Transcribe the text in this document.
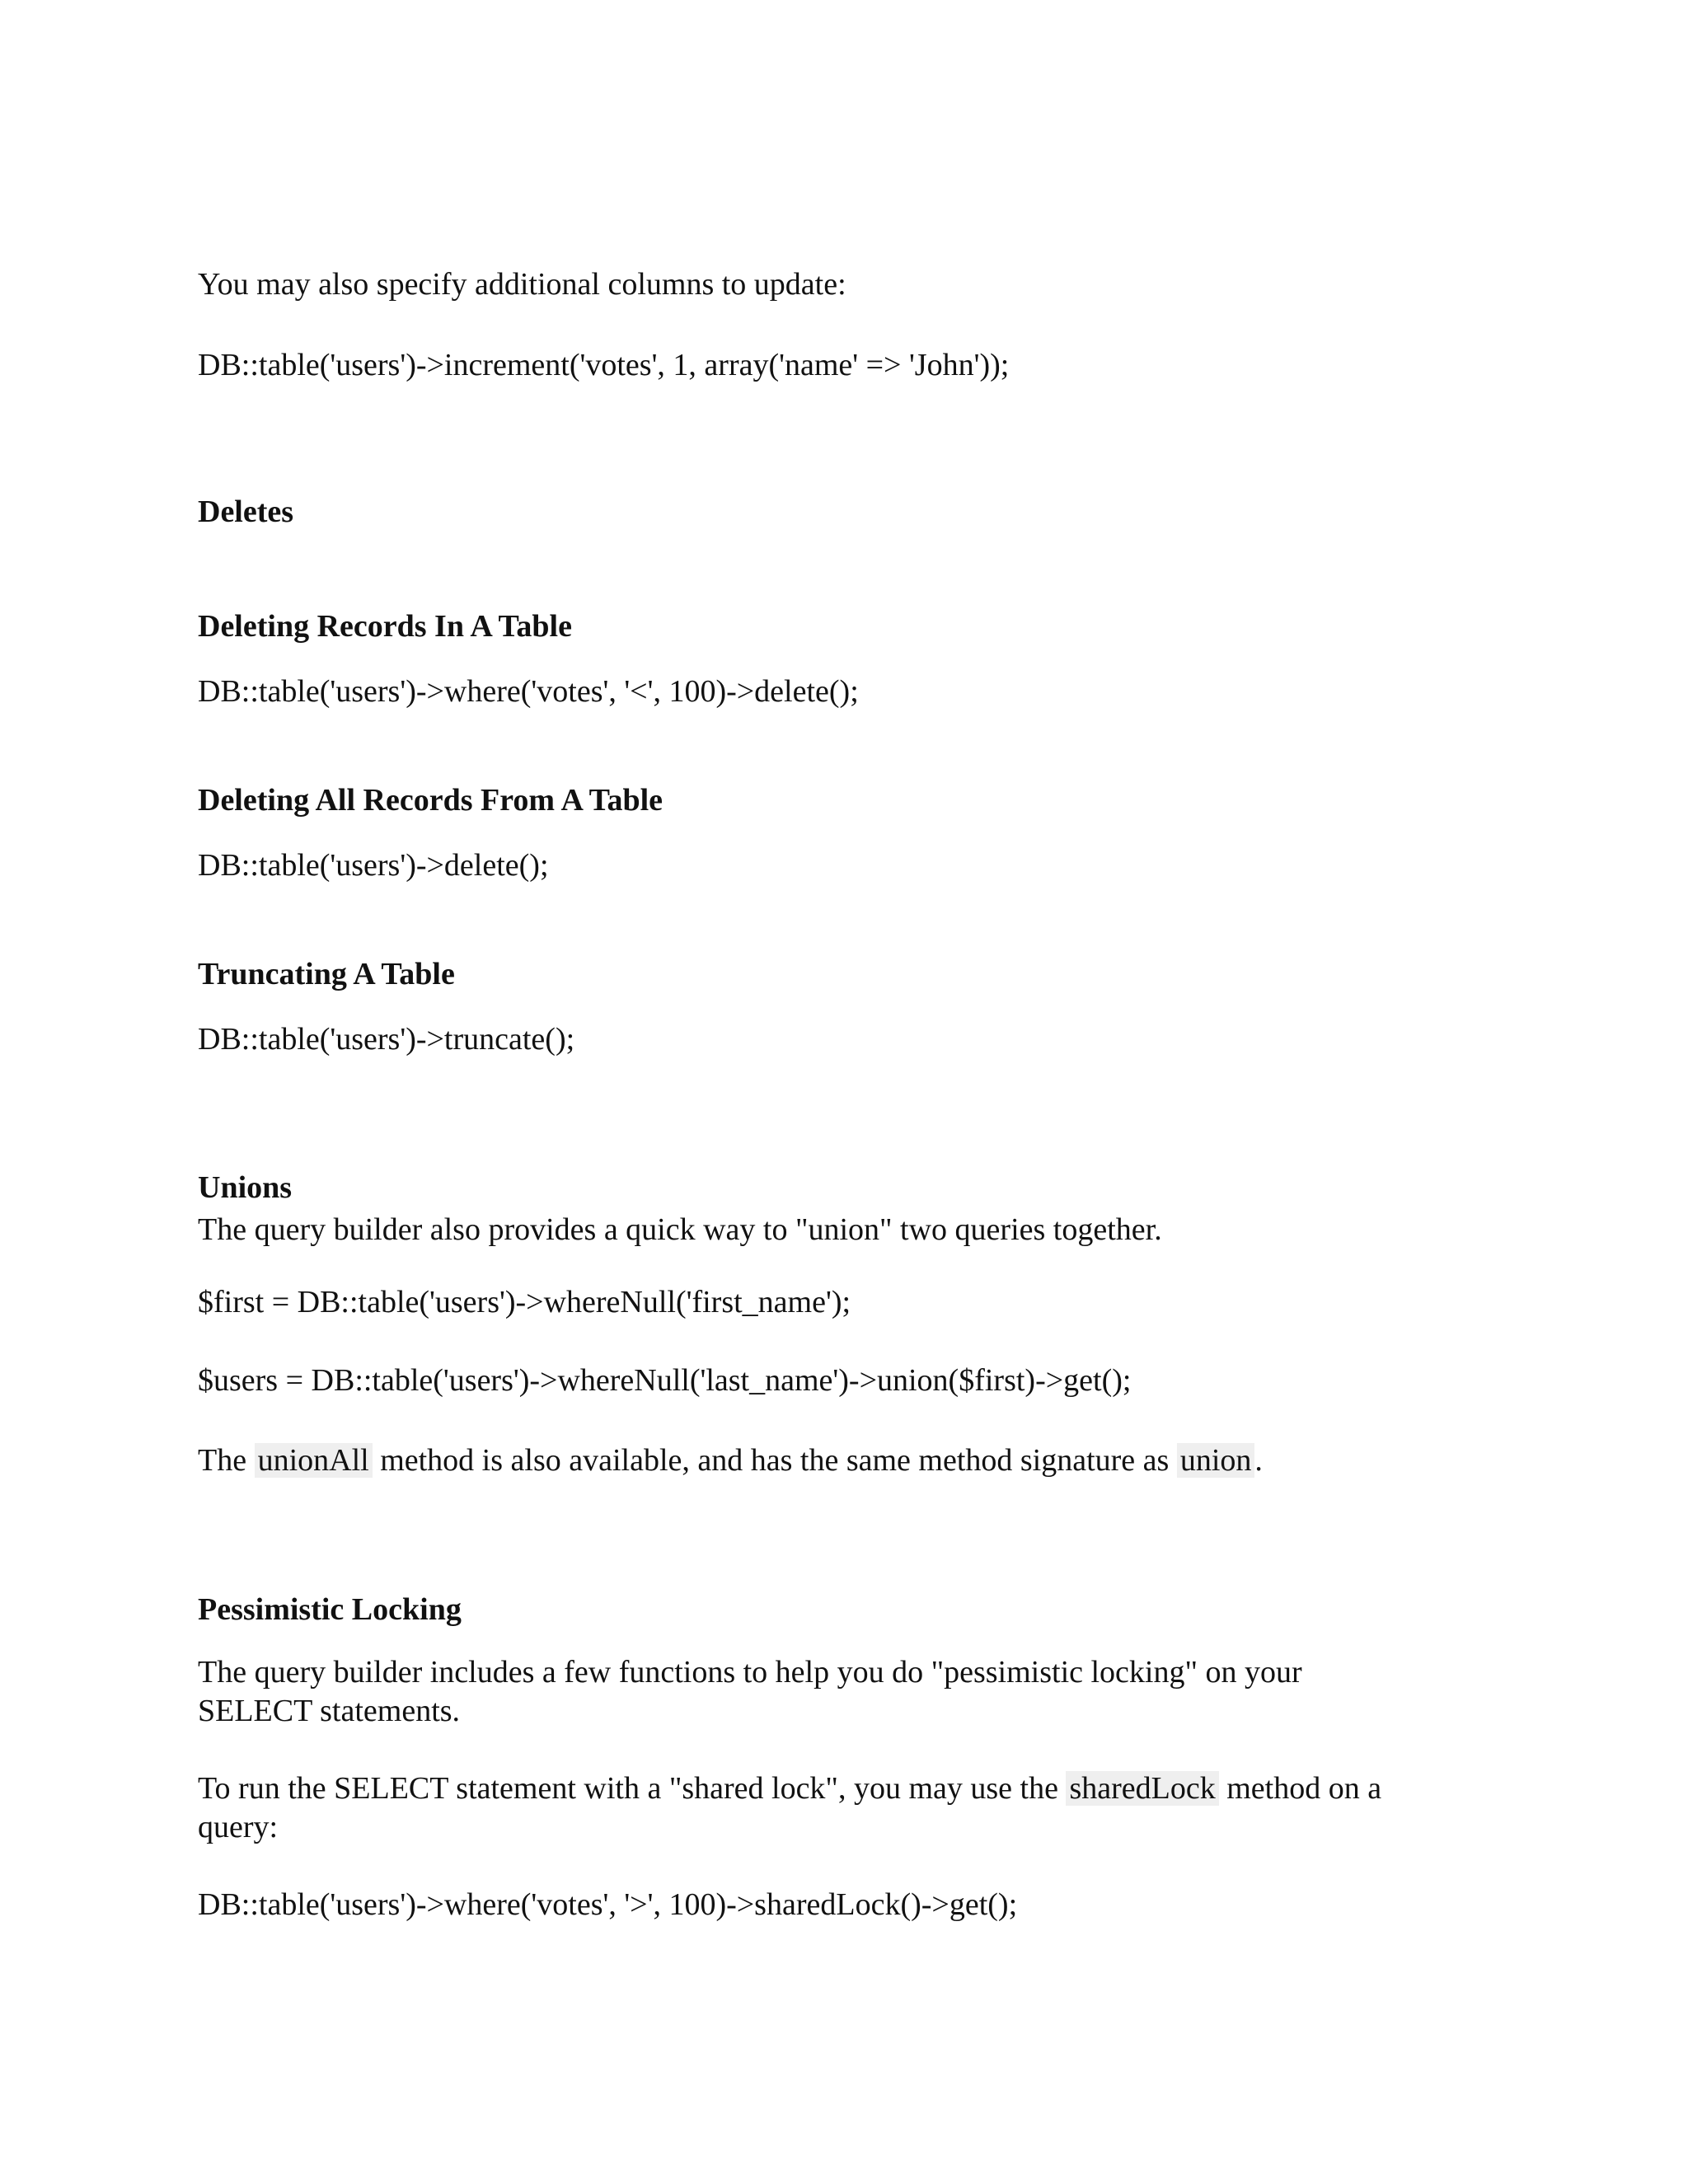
You may also specify additional columns to update:
DB::table('users')->increment('votes', 1, array('name' => 'John'));
Deletes
Deleting Records In A Table
DB::table('users')->where('votes', '<', 100)->delete();
Deleting All Records From A Table
DB::table('users')->delete();
Truncating A Table
DB::table('users')->truncate();
Unions
The query builder also provides a quick way to "union" two queries together.
$first = DB::table('users')->whereNull('first_name');
$users = DB::table('users')->whereNull('last_name')->union($first)->get();
The unionAll method is also available, and has the same method signature as union .
Pessimistic Locking
The query builder includes a few functions to help you do "pessimistic locking" on your
SELECT statements.
To run the SELECT statement with a "shared lock", you may use the sharedLock method on a
query:
DB::table('users')->where('votes', '>', 100)->sharedLock()->get();
